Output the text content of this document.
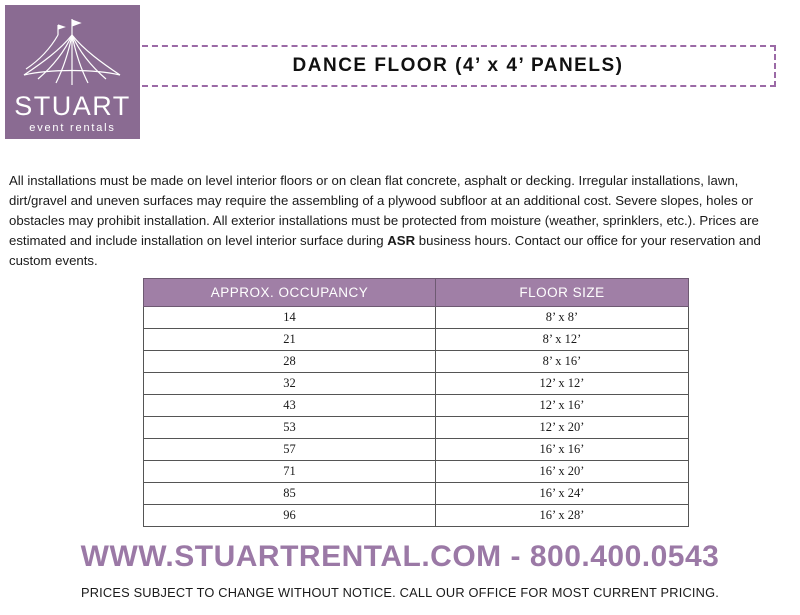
STUART
event rentals
DANCE FLOOR (4’ x 4’ PANELS)

All installations must be made on level interior floors or on clean flat concrete, asphalt or decking. Irregular installations, lawn, dirt/gravel and uneven surfaces may require the assembling of a plywood subfloor at an additional cost. Severe slopes, holes or obstacles may prohibit installation. All exterior installations must be protected from moisture (weather, sprinklers, etc.). Prices are estimated and include installation on level interior surface during ASR business hours. Contact our office for your reservation and custom events.

APPROX. OCCUPANCY	FLOOR SIZE
14	8’ x 8’
21	8’ x 12’
28	8’ x 16’
32	12’ x 12’
43	12’ x 16’
53	12’ x 20’
57	16’ x 16’
71	16’ x 20’
85	16’ x 24’
96	16’ x 28’
WWW.STUARTRENTAL.COM - 800.400.0543
PRICES SUBJECT TO CHANGE WITHOUT NOTICE. CALL OUR OFFICE FOR MOST CURRENT PRICING.
